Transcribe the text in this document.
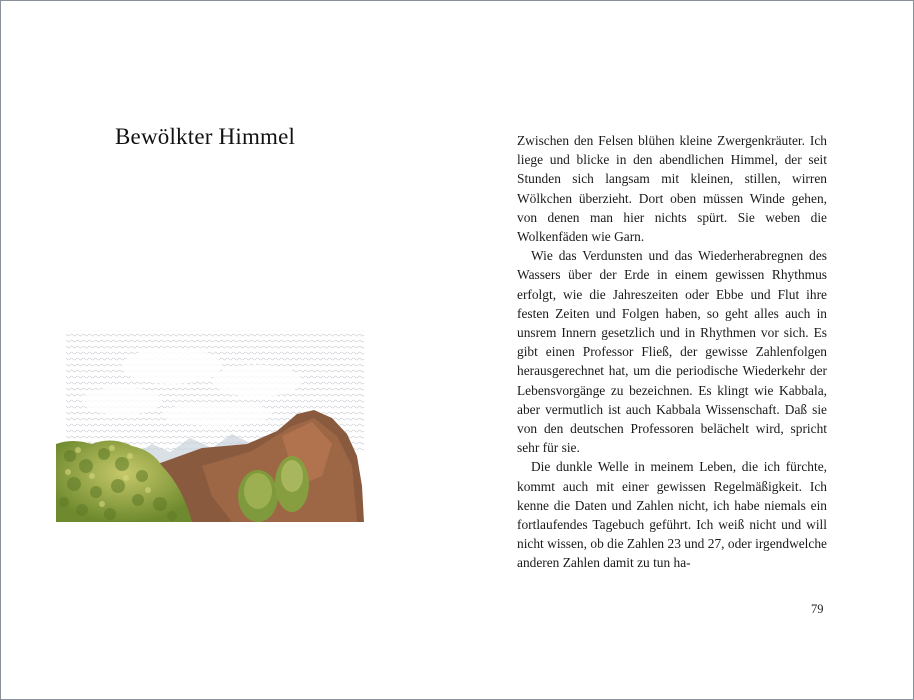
Bewölkter Himmel	Zwischen den Felsen blühen kleine Zwergenkräuter. Ich liege und blicke in den abendlichen Himmel, der seit Stunden sich langsam mit kleinen, stillen, wirren Wölkchen überzieht. Dort oben müssen Winde gehen, von denen man hier nichts spürt. Sie weben die Wolkenfäden wie Garn.

Wie das Verdunsten und das Wiederherabregnen des Wassers über der Erde in einem gewissen Rhythmus erfolgt, wie die Jahreszeiten oder Ebbe und Flut ihre festen Zeiten und Folgen haben, so geht alles auch in unsrem Innern gesetzlich und in Rhythmen vor sich. Es gibt einen Professor Fließ, der gewisse Zahlenfolgen herausgerechnet hat, um die periodische Wiederkehr der Lebensvorgänge zu bezeichnen. Es klingt wie Kabbala, aber vermutlich ist auch Kabbala Wissenschaft. Daß sie von den deutschen Professoren belächelt wird, spricht sehr für sie.

Die dunkle Welle in meinem Leben, die ich fürchte, kommt auch mit einer gewissen Regelmäßigkeit. Ich kenne die Daten und Zahlen nicht, ich habe niemals ein fortlaufendes Tagebuch geführt. Ich weiß nicht und will nicht wissen, ob die Zahlen 23 und 27, oder irgendwelche anderen Zahlen damit zu tun ha-

79
